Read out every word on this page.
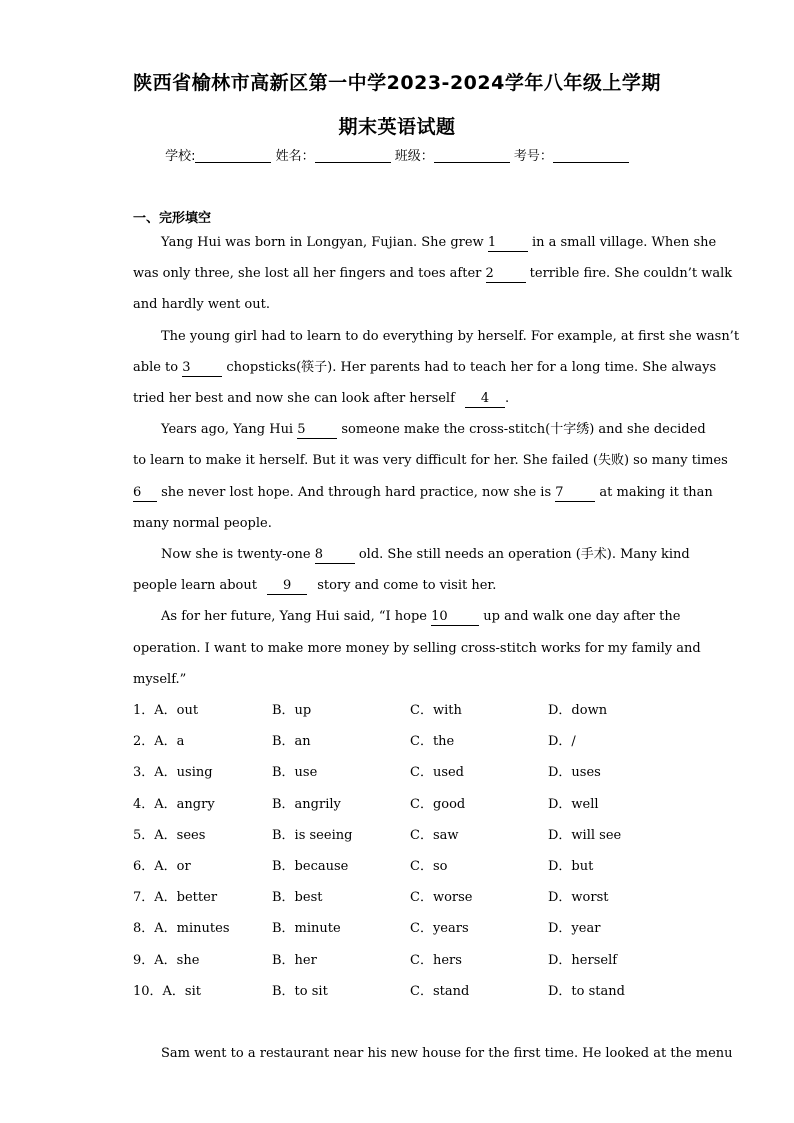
陕西省榆林市高新区第一中学2023-2024学年八年级上学期
期末英语试题
学校:	姓名：	班级：	考号：
一、完形填空
Yang Hui was born in Longyan, Fujian. She grew 1	in a small village. When she
was only three, she lost all her fingers and toes after 2	terrible fire. She couldn’t walk
and hardly went out.
The young girl had to learn to do everything by herself. For example, at first she wasn’t
able to 3	chopsticks(筷子). Her parents had to teach her for a long time. She always
tried her best and now she can look after herself 4 .
Years ago, Yang Hui 5	someone make the cross-stitch(十字绣) and she decided
to learn to make it herself. But it was very difficult for her. She failed (失败) so many times
6 she never lost hope. And through hard practice, now she is 7	at making it than
many normal people.
Now she is twenty-one 8	old. She still needs an operation (手术). Many kind
people learn about 9 story and come to visit her.
As for her future, Yang Hui said, “I hope 10	up and walk one day after the
operation. I want to make more money by selling cross-stitch works for my family and
myself.”
1．A．out	B．up	C．with	D．down
2．A．a	B．an	C．the	D．/
3．A．using	B．use	C．used	D．uses
4．A．angry	B．angrily	C．good	D．well
5．A．sees	B．is seeing	C．saw	D．will see
6．A．or	B．because	C．so	D．but
7．A．better	B．best	C．worse	D．worst
8．A．minutes	B．minute	C．years	D．year
9．A．she	B．her	C．hers	D．herself
10．A．sit	B．to sit	C．stand	D．to stand
Sam went to a restaurant near his new house for the first time. He looked at the menu
